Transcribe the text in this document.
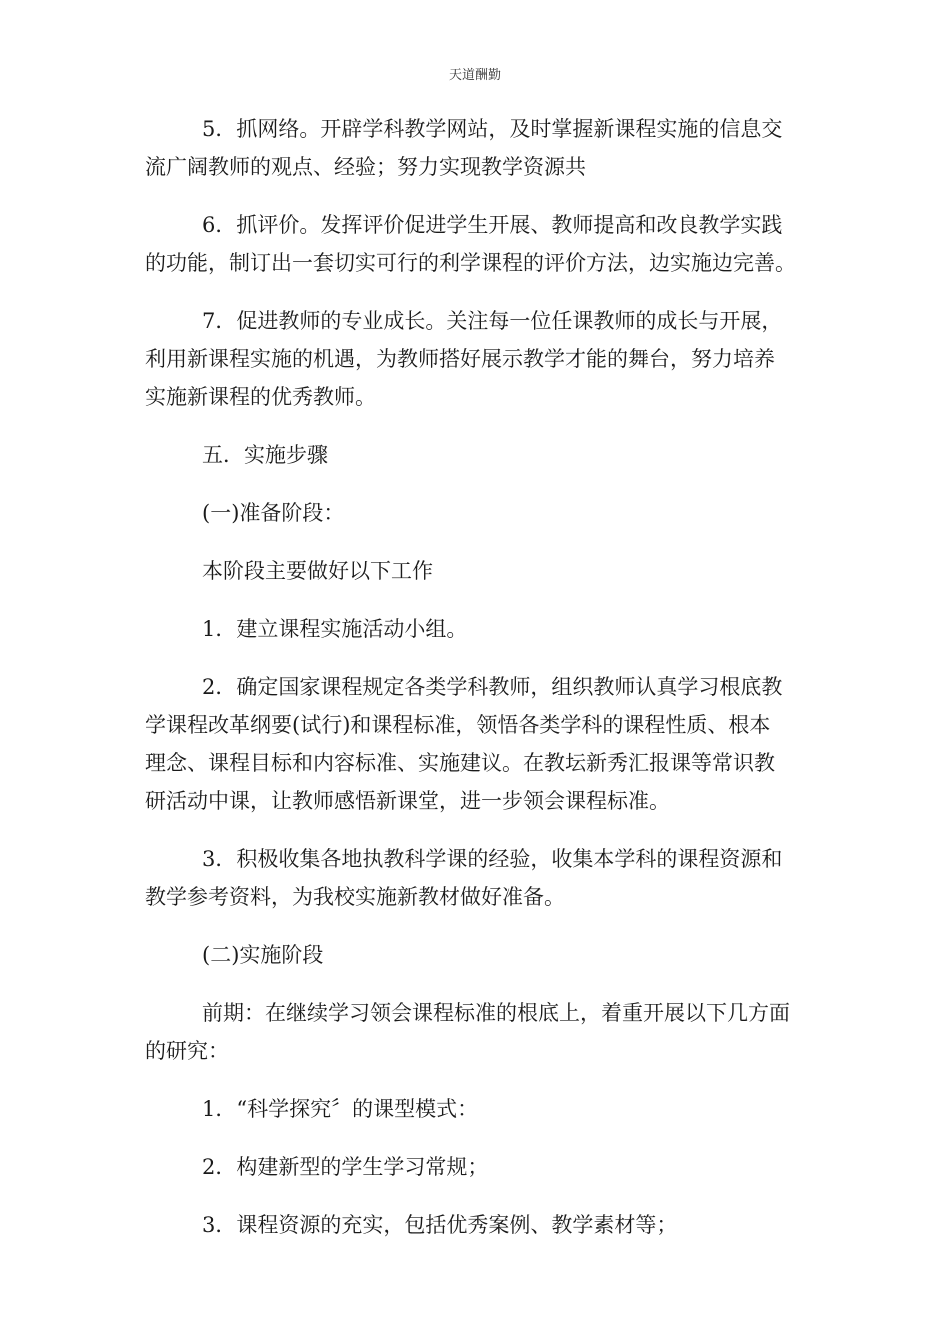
天道酬勤
5．抓网络。开辟学科教学网站，及时掌握新课程实施的信息交
流广阔教师的观点、经验；努力实现教学资源共
6．抓评价。发挥评价促进学生开展、教师提高和改良教学实践
的功能，制订出一套切实可行的利学课程的评价方法，边实施边完善。
7．促进教师的专业成长。关注每一位任课教师的成长与开展，
利用新课程实施的机遇，为教师搭好展示教学才能的舞台，努力培养
实施新课程的优秀教师。
五．实施步骤
(一)准备阶段：
本阶段主要做好以下工作
1．建立课程实施活动小组。
2．确定国家课程规定各类学科教师，组织教师认真学习根底教
学课程改革纲要(试行)和课程标准，领悟各类学科的课程性质、根本
理念、课程目标和内容标准、实施建议。在教坛新秀汇报课等常识教
研活动中课，让教师感悟新课堂，进一步领会课程标准。
3．积极收集各地执教科学课的经验，收集本学科的课程资源和
教学参考资料，为我校实施新教材做好准备。
(二)实施阶段
前期：在继续学习领会课程标准的根底上，着重开展以下几方面
的研究：
1．“科学探究〞的课型模式：
2．构建新型的学生学习常规；
3．课程资源的充实，包括优秀案例、教学素材等；
